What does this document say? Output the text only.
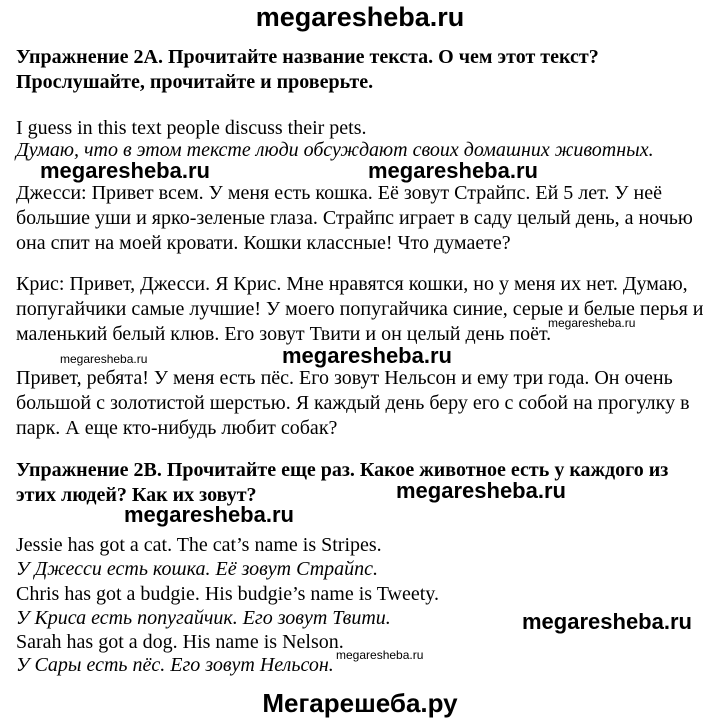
megaresheba.ru
Упражнение 2A. Прочитайте название текста. О чем этот текст?
Прослушайте, прочитайте и проверьте.
I guess in this text people discuss their pets.
Думаю, что в этом тексте люди обсуждают своих домашних животных.
megaresheba.ru	megaresheba.ru
Джесси: Привет всем. У меня есть кошка. Её зовут Страйпс. Ей 5 лет. У неё
большие уши и ярко-зеленые глаза. Страйпс играет в саду целый день, а ночью
она спит на моей кровати. Кошки классные! Что думаете?
Крис: Привет, Джесси. Я Крис. Мне нравятся кошки, но у меня их нет. Думаю,
попугайчики самые лучшие! У моего попугайчика синие, серые и белые перья и
маленький белый клюв. Его зовут Твити и он целый день поёт.
megaresheba.ru
megaresheba.ru	megaresheba.ru
Привет, ребята! У меня есть пёс. Его зовут Нельсон и ему три года. Он очень
большой с золотистой шерстью. Я каждый день беру его с собой на прогулку в
парк. А еще кто-нибудь любит собак?
Упражнение 2B. Прочитайте еще раз. Какое животное есть у каждого из
этих людей? Как их зовут?	megaresheba.ru
megaresheba.ru
Jessie has got a cat. The cat’s name is Stripes.
У Джесси есть кошка. Её зовут Страйпс.
Chris has got a budgie. His budgie’s name is Tweety.
У Криса есть попугайчик. Его зовут Твити.
Sarah has got a dog. His name is Nelson.
У Сары есть пёс. Его зовут Нельсон.
megaresheba.ru
megaresheba.ru
Мегарешеба.ру
